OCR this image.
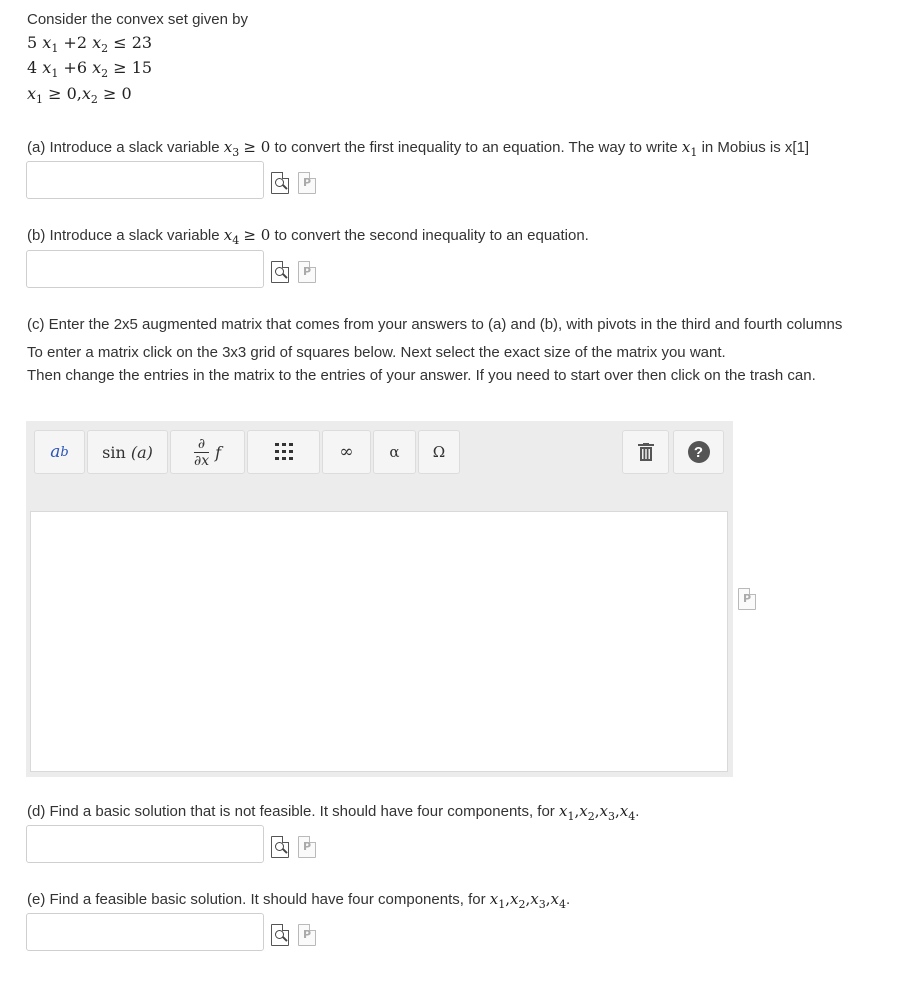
Consider the convex set given by
5 $x_1 +2$ $x_2 \le 23$
4 $x_1 +6$ $x_2 \ge 15$
$x_1 \ge 0,x_2 \ge 0$
(a) Introduce a slack variable $x_3 \ge 0$ to convert the first inequality to an equation. The way to write $x_1$ in Mobius is x[1]
P
(b) Introduce a slack variable $x_4 \ge 0$ to convert the second inequality to an equation.
P
(c) Enter the 2x5 augmented matrix that comes from your answers to (a) and (b), with pivots in the third and fourth columns
To enter a matrix click on the 3x3 grid of squares below. Next select the exact size of the matrix you want.
Then change the entries in the matrix to the entries of your answer. If you need to start over then click on the trash can.
a b sin
(a)	∂
∂x f	∞ α Ω	?
P
(d) Find a basic solution that is not feasible. It should have four components, for $x_1,x_2,x_3,x_4$.
P
(e) Find a feasible basic solution. It should have four components, for $x_1,x_2,x_3,x_4$.
P
